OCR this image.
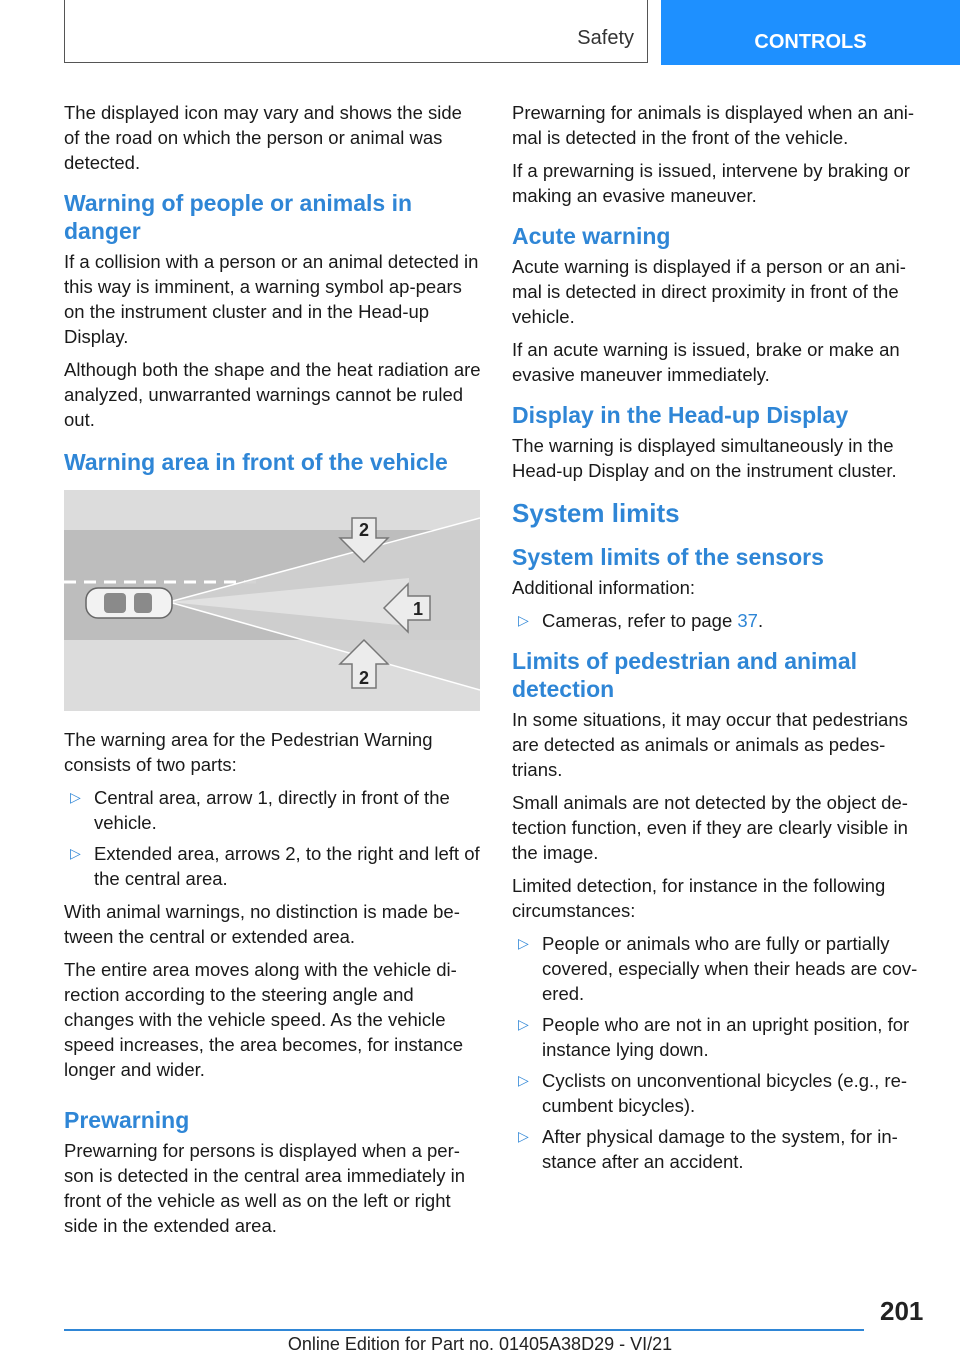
Safety	CONTROLS

The displayed icon may vary and shows the side of the road on which the person or animal was detected.

Warning of people or animals in danger

If a collision with a person or an animal detected in this way is imminent, a warning symbol ap-pears on the instrument cluster and in the Head-up Display.

Although both the shape and the heat radiation are analyzed, unwarranted warnings cannot be ruled out.

Warning area in front of the vehicle
2
1
2

The warning area for the Pedestrian Warning consists of two parts:

▷ Central area, arrow 1, directly in front of the vehicle.
▷ Extended area, arrows 2, to the right and left of the central area.

With animal warnings, no distinction is made be-tween the central or extended area.

The entire area moves along with the vehicle di-rection according to the steering angle and changes with the vehicle speed. As the vehicle speed increases, the area becomes, for instance longer and wider.

Prewarning

Prewarning for persons is displayed when a per-son is detected in the central area immediately in front of the vehicle as well as on the left or right side in the extended area.

Prewarning for animals is displayed when an ani-mal is detected in the front of the vehicle.

If a prewarning is issued, intervene by braking or making an evasive maneuver.

Acute warning

Acute warning is displayed if a person or an ani-mal is detected in direct proximity in front of the vehicle.

If an acute warning is issued, brake or make an evasive maneuver immediately.

Display in the Head-up Display

The warning is displayed simultaneously in the Head-up Display and on the instrument cluster.

System limits
System limits of the sensors

Additional information:

▷ Cameras, refer to page 37.
Limits of pedestrian and animal detection

In some situations, it may occur that pedestrians are detected as animals or animals as pedes-trians.

Small animals are not detected by the object de-tection function, even if they are clearly visible in the image.

Limited detection, for instance in the following circumstances:

▷ People or animals who are fully or partially covered, especially when their heads are cov-ered.
▷ People who are not in an upright position, for instance lying down.
▷ Cyclists on unconventional bicycles (e.g., re-cumbent bicycles).
▷ After physical damage to the system, for in-stance after an accident.
201
Online Edition for Part no. 01405A38D29 - VI/21
